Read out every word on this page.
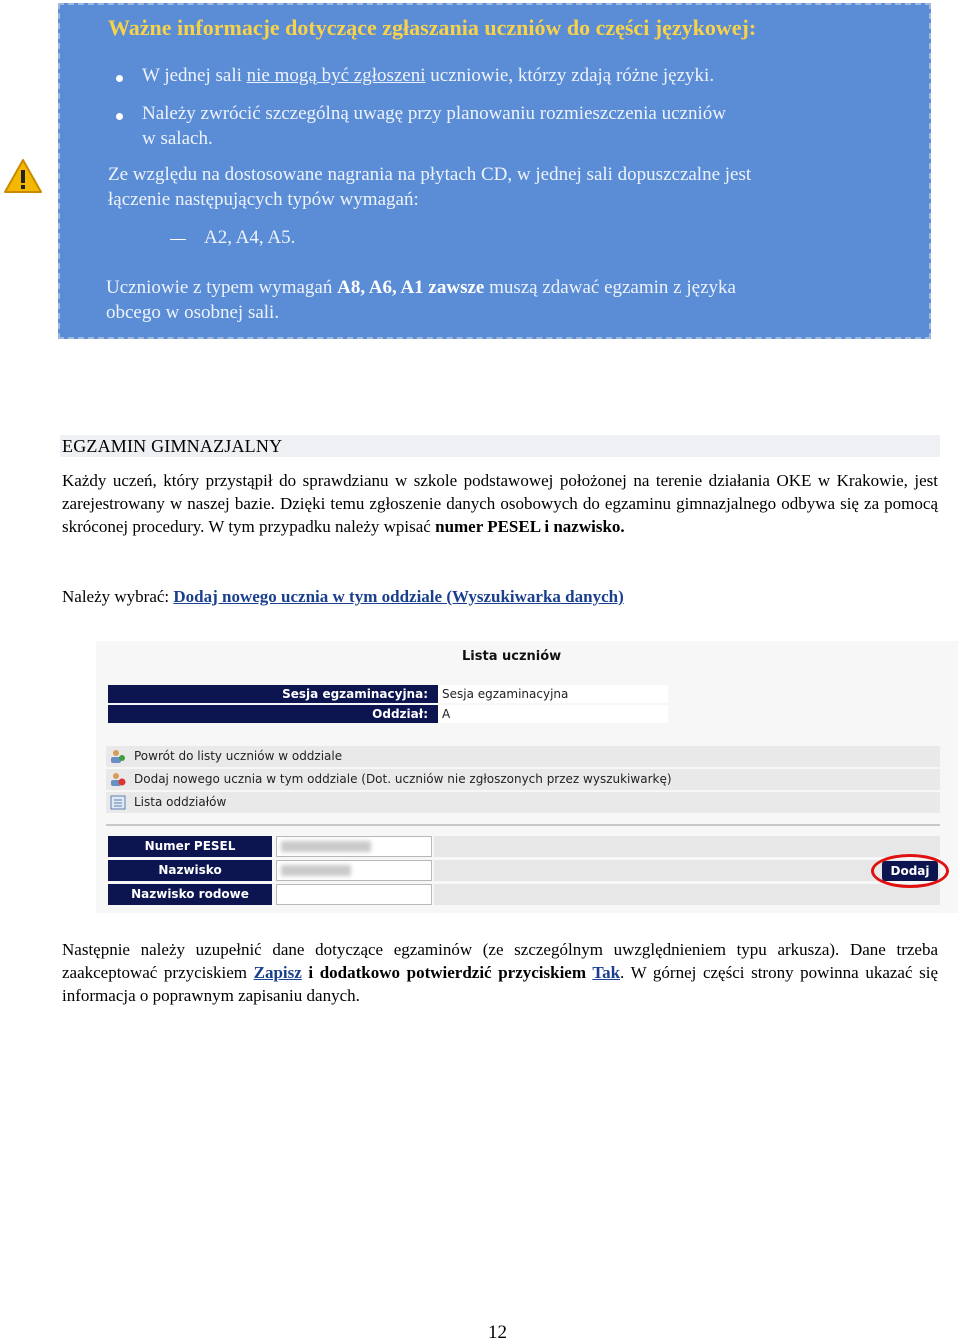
Ważne informacje dotyczące zgłaszania uczniów do części językowej:
W jednej sali nie mogą być zgłoszeni uczniowie, którzy zdają różne języki.
Należy zwrócić szczególną uwagę przy planowaniu rozmieszczenia uczniów
w salach.
Ze względu na dostosowane nagrania na płytach CD, w jednej sali dopuszczalne jest
łączenie następujących typów wymagań:
A2, A4, A5.
Uczniowie z typem wymagań A8, A6, A1 zawsze muszą zdawać egzamin z języka
obcego w osobnej sali.
EGZAMIN GIMNAZJALNY
Każdy uczeń, który przystąpił do sprawdzianu w szkole podstawowej położonej na terenie działania OKE w Krakowie, jest zarejestrowany w naszej bazie. Dzięki temu zgłoszenie danych osobowych do egzaminu gimnazjalnego odbywa się za pomocą skróconej procedury. W tym przypadku należy wpisać numer PESEL i nazwisko.
Należy wybrać: Dodaj nowego ucznia w tym oddziale (Wyszukiwarka danych)
Lista uczniów
Sesja egzaminacyjna:	Sesja egzaminacyjna
Oddział:	A
Powrót do listy uczniów w oddziale
Dodaj nowego ucznia w tym oddziale (Dot. uczniów nie zgłoszonych przez wyszukiwarkę)
Lista oddziałów
Numer PESEL
Nazwisko
Nazwisko rodowe
Dodaj
Następnie należy uzupełnić dane dotyczące egzaminów (ze szczególnym uwzględnieniem typu arkusza). Dane trzeba zaakceptować przyciskiem Zapisz i dodatkowo potwierdzić przyciskiem Tak. W górnej części strony powinna ukazać się informacja o poprawnym zapisaniu danych.
12
